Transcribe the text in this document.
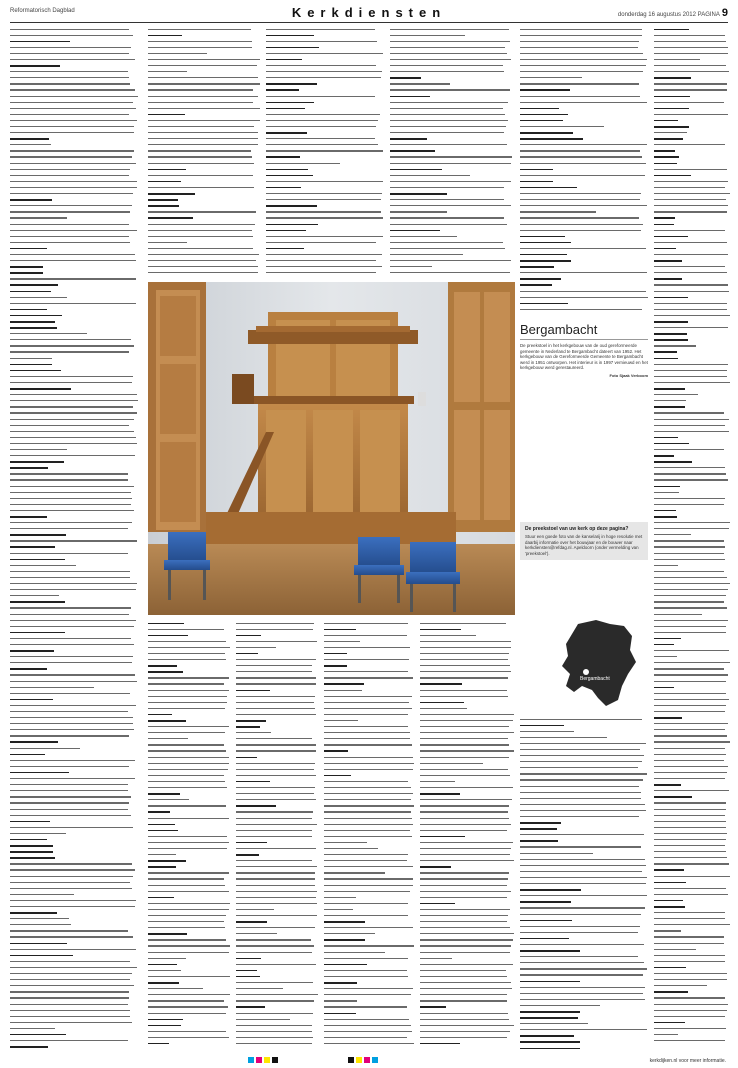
Reformatorisch Dagblad	Kerkdiensten	donderdag 16 augustus 2012 PAGINA 9
Bergambacht
De preekstoel in het kerkgebouw van de oud gereformeerde gemeente in Nederland te Bergambacht dateert van 1952. Het kerkgebouw van de Gereformeerde Gemeente te Bergambacht werd in 1951 ontworpen. Het interieur is in 1997 vernieuwd en het kerkgebouw werd gerestaureerd.
Foto Sjaak Verboom
De preekstoel van uw kerk op deze pagina?
Stuur een goede foto van de kanselarij in hoge resolutie met daarbij informatie over het bouwjaar en de bouwer naar kerkdiensten@refdag.nl. Apeldoorn (onder vermelding van 'preekstoel').
Bergambacht
kerkdijken.nl voor meer informatie.
